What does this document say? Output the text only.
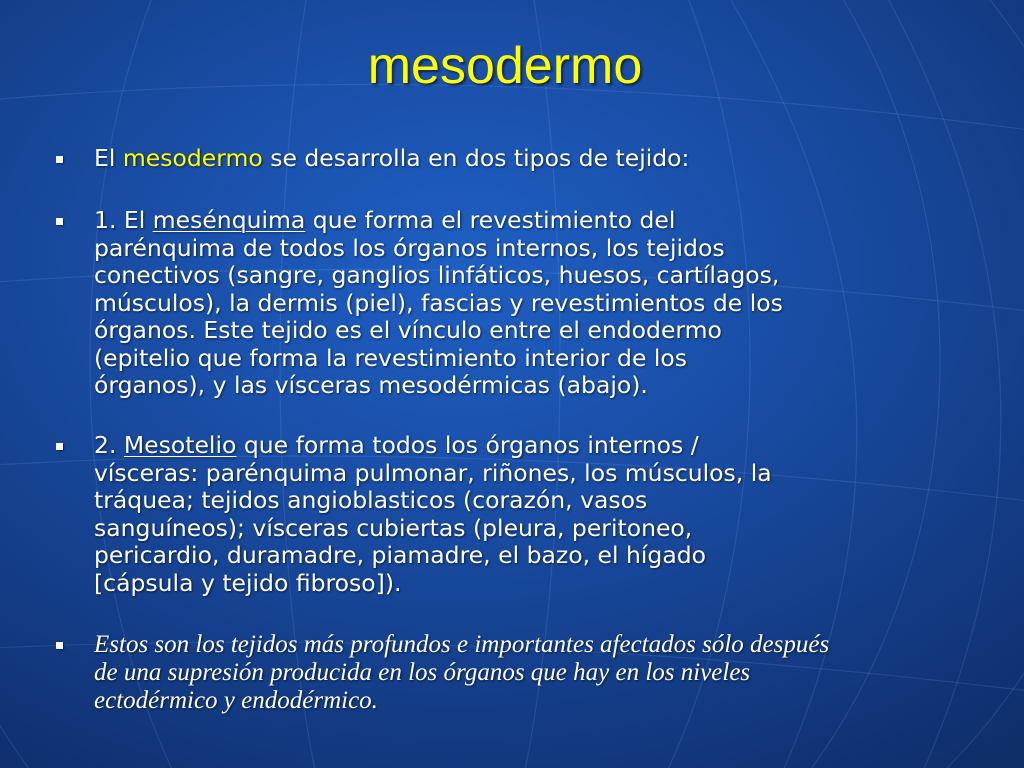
mesodermo
El mesodermo se desarrolla en dos tipos de tejido:
1. El mesénquima que forma el revestimiento del
parénquima de todos los órganos internos, los tejidos
conectivos (sangre, ganglios linfáticos, huesos, cartílagos,
músculos), la dermis (piel), fascias y revestimientos de los
órganos. Este tejido es el vínculo entre el endodermo
(epitelio que forma la revestimiento interior de los
órganos), y las vísceras mesodérmicas (abajo).
2. Mesotelio que forma todos los órganos internos /
vísceras: parénquima pulmonar, riñones, los músculos, la
tráquea; tejidos angioblasticos (corazón, vasos
sanguíneos); vísceras cubiertas (pleura, peritoneo,
pericardio, duramadre, piamadre, el bazo, el hígado
[cápsula y tejido fibroso]).
Estos son los tejidos más profundos e importantes afectados sólo después
de una supresión producida en los órganos que hay en los niveles
ectodérmico y endodérmico.
